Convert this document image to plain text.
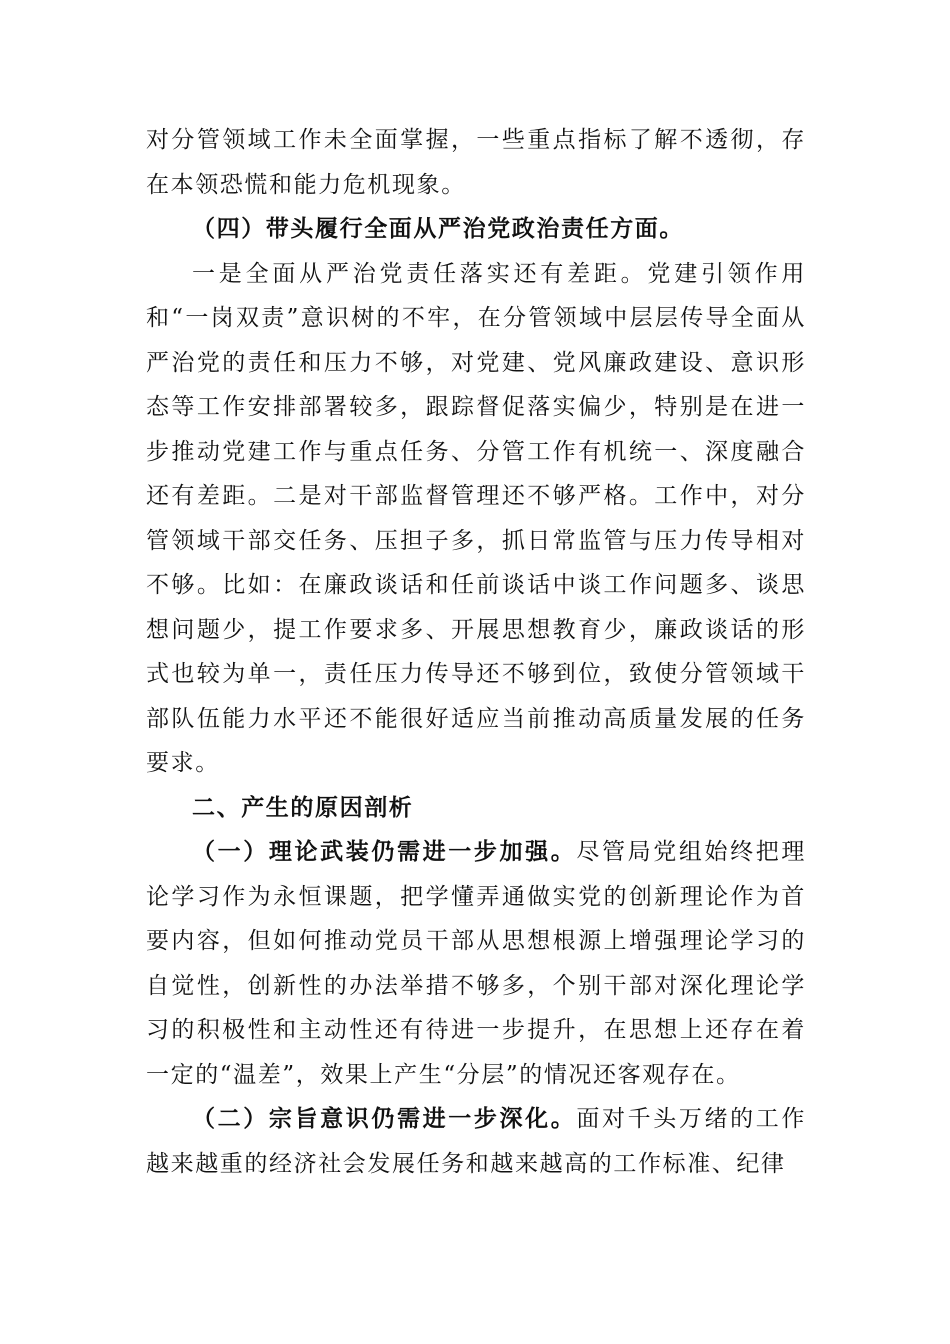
对分管领域工作未全面掌握，一些重点指标了解不透彻，存在本领恐慌和能力危机现象。

（四）带头履行全面从严治党政治责任方面。

一是全面从严治党责任落实还有差距。党建引领作用和“一岗双责”意识树的不牢，在分管领域中层层传导全面从严治党的责任和压力不够，对党建、党风廉政建设、意识形态等工作安排部署较多，跟踪督促落实偏少，特别是在进一步推动党建工作与重点任务、分管工作有机统一、深度融合还有差距。二是对干部监督管理还不够严格。工作中，对分管领域干部交任务、压担子多，抓日常监管与压力传导相对不够。比如：在廉政谈话和任前谈话中谈工作问题多、谈思想问题少，提工作要求多、开展思想教育少，廉政谈话的形式也较为单一，责任压力传导还不够到位，致使分管领域干部队伍能力水平还不能很好适应当前推动高质量发展的任务要求。

二、产生的原因剖析

（一）理论武装仍需进一步加强。尽管局党组始终把理论学习作为永恒课题，把学懂弄通做实党的创新理论作为首要内容，但如何推动党员干部从思想根源上增强理论学习的自觉性，创新性的办法举措不够多，个别干部对深化理论学习的积极性和主动性还有待进一步提升，在思想上还存在着一定的“温差”，效果上产生“分层”的情况还客观存在。

（二）宗旨意识仍需进一步深化。面对千头万绪的工作越来越重的经济社会发展任务和越来越高的工作标准、纪律
